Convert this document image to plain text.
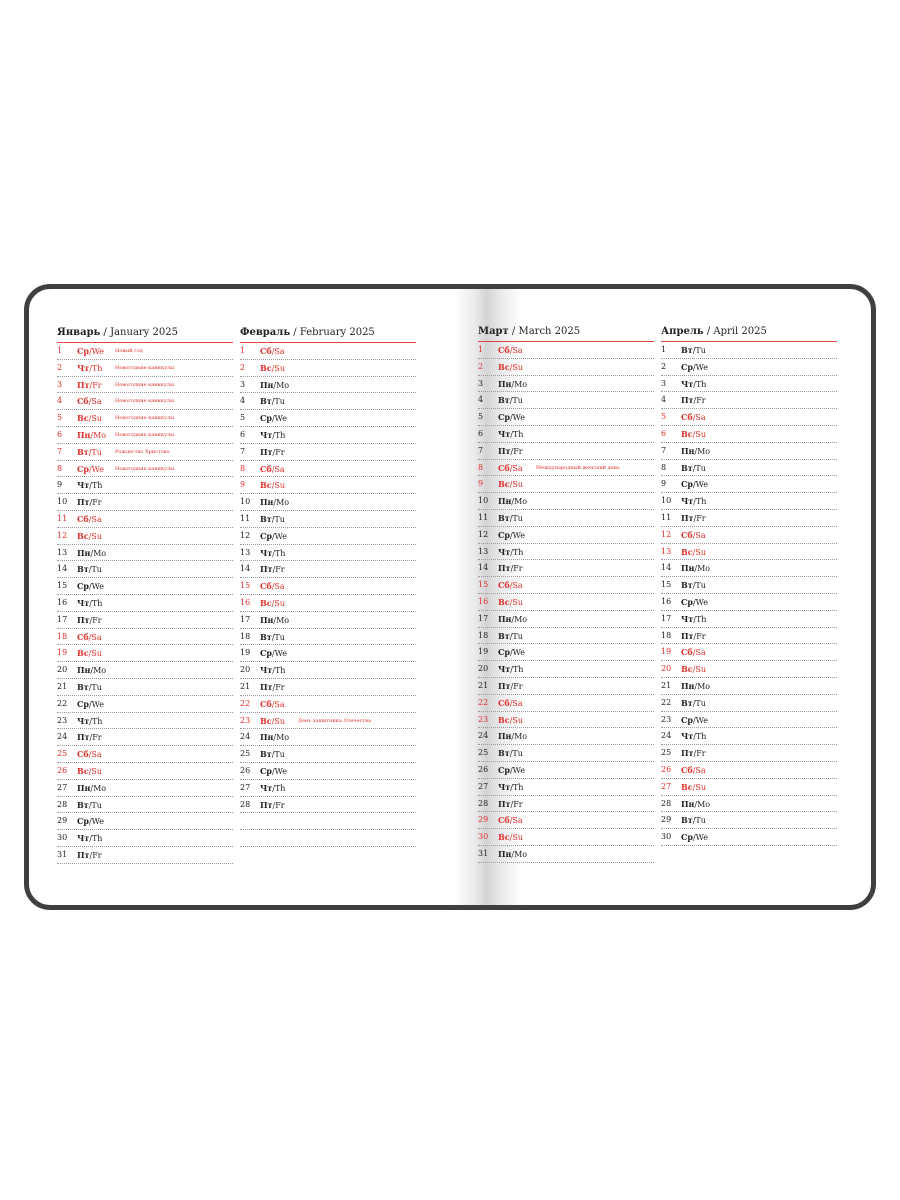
Январь / January 2025
1	Ср/We Новый год
2	Чт/Th	Новогодние каникулы
3	Пт/Fr	Новогодние каникулы
4	Сб/Sa	Новогодние каникулы
5	Вс/Su	Новогодние каникулы
6	Пн/Mo Новогодние каникулы
7	Вт/Tu	Рождество Христово
8	Ср/We Новогодние каникулы
9	Чт/Th
10	Пт/Fr
11	Сб/Sa
12	Вс/Su
13	Пн/Mo
14	Вт/Tu
15	Ср/We
16	Чт/Th
17	Пт/Fr
18	Сб/Sa
19	Вс/Su
20	Пн/Mo
21	Вт/Tu
22	Ср/We
23	Чт/Th
24	Пт/Fr
25	Сб/Sa
26	Вс/Su
27	Пн/Mo
28	Вт/Tu
29	Ср/We
30	Чт/Th
31	Пт/Fr
Февраль / February 2025
1	Сб/Sa
2	Вс/Su
3	Пн/Mo
4	Вт/Tu
5	Ср/We
6	Чт/Th
7	Пт/Fr
8	Сб/Sa
9	Вс/Su
10	Пн/Mo
11	Вт/Tu
12	Ср/We
13	Чт/Th
14	Пт/Fr
15	Сб/Sa
16	Вс/Su
17	Пн/Mo
18	Вт/Tu
19	Ср/We
20	Чт/Th
21	Пт/Fr
22	Сб/Sa
23	Вс/Su	День защитника Отечества
24	Пн/Mo
25	Вт/Tu
26	Ср/We
27	Чт/Th
28	Пт/Fr
Март / March 2025
1	Сб/Sa
2	Вс/Su
3	Пн/Mo
4	Вт/Tu
5	Ср/We
6	Чт/Th
7	Пт/Fr
8	Сб/Sa	Международный женский день
9	Вс/Su
10	Пн/Mo
11	Вт/Tu
12	Ср/We
13	Чт/Th
14	Пт/Fr
15	Сб/Sa
16	Вс/Su
17	Пн/Mo
18	Вт/Tu
19	Ср/We
20	Чт/Th
21	Пт/Fr
22	Сб/Sa
23	Вс/Su
24	Пн/Mo
25	Вт/Tu
26	Ср/We
27	Чт/Th
28	Пт/Fr
29	Сб/Sa
30	Вс/Su
31	Пн/Mo
Апрель / April 2025
1	Вт/Tu
2	Ср/We
3	Чт/Th
4	Пт/Fr
5	Сб/Sa
6	Вс/Su
7	Пн/Mo
8	Вт/Tu
9	Ср/We
10	Чт/Th
11	Пт/Fr
12	Сб/Sa
13	Вс/Su
14	Пн/Mo
15	Вт/Tu
16	Ср/We
17	Чт/Th
18	Пт/Fr
19	Сб/Sa
20	Вс/Su
21	Пн/Mo
22	Вт/Tu
23	Ср/We
24	Чт/Th
25	Пт/Fr
26	Сб/Sa
27	Вс/Su
28	Пн/Mo
29	Вт/Tu
30	Ср/We
